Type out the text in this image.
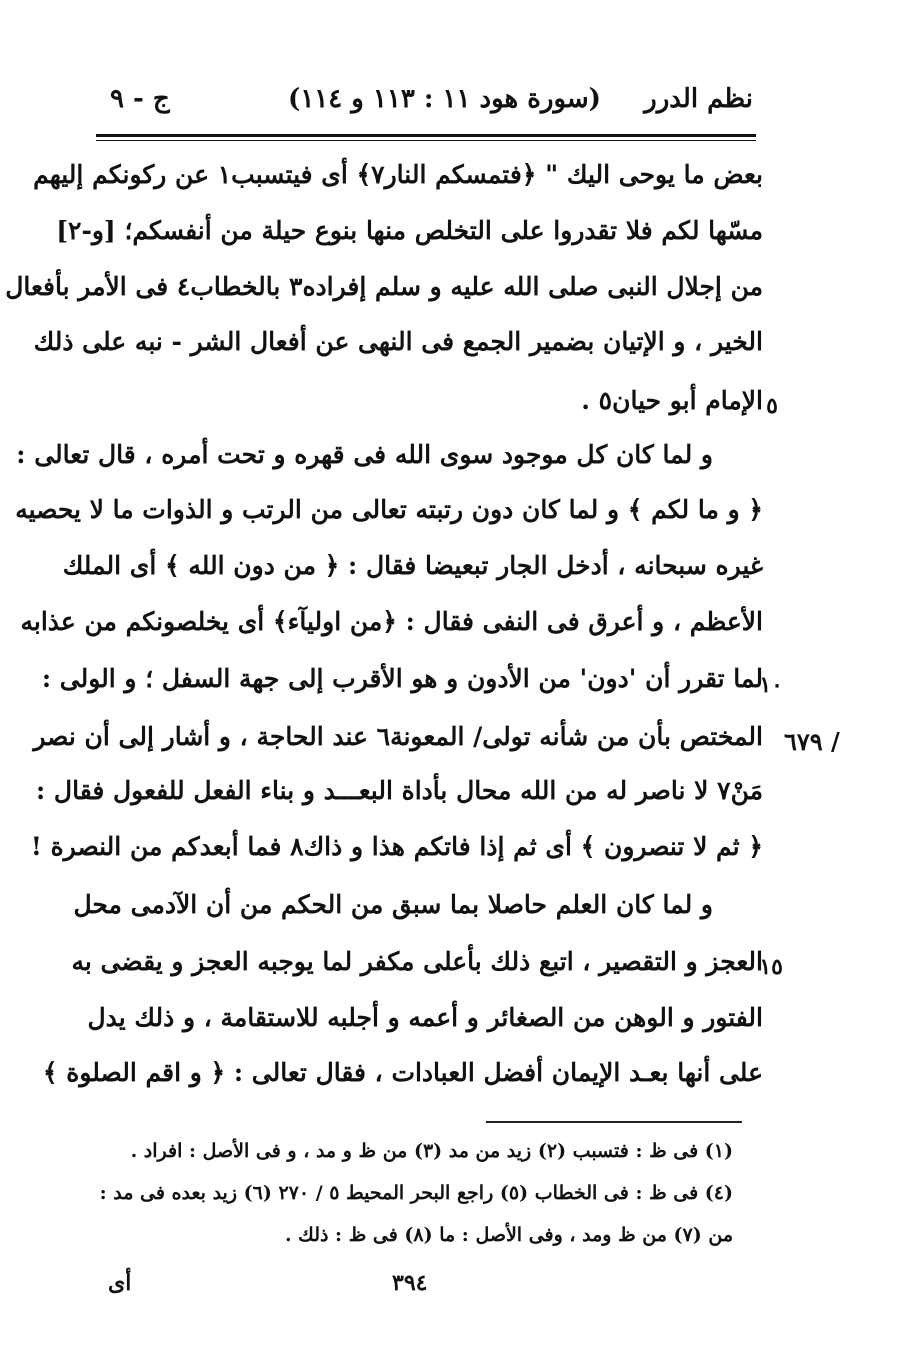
نظم الدرر
(سورة هود ١١ : ١١٣ و ١١٤)
ج - ٩
بعض ما يوحى اليك " ﴿فتمسكم النار٧﴾ أى فيتسبب١ عن ركونكم إليهم
مسّها لكم فلا تقدروا على التخلص منها بنوع حيلة من أنفسكم؛ [و-٢]
من إجلال النبى صلى الله عليه و سلم إفراده٣ بالخطاب٤ فى الأمر بأفعال
الخير ، و الإتيان بضمير الجمع فى النهى عن أفعال الشر - نبه على ذلك
الإمام أبو حيان٥ .
و لما كان كل موجود سوى الله فى قهره و تحت أمره ، قال تعالى :
﴿ و ما لكم ﴾ و لما كان دون رتبته تعالى من الرتب و الذوات ما لا يحصيه
غيره سبحانه ، أدخل الجار تبعيضا فقال : ﴿ من دون الله ﴾ أى الملك
الأعظم ، و أعرق فى النفى فقال : ﴿من اوليآء﴾ أى يخلصونكم من عذابه
لما تقرر أن 'دون' من الأدون و هو الأقرب إلى جهة السفل ؛ و الولى :
المختص بأن من شأنه تولى/ المعونة٦ عند الحاجة ، و أشار إلى أن نصر
مَنْ٧ لا ناصر له من الله محال بأداة البعـــد و بناء الفعل للفعول فقال :
﴿ ثم لا تنصرون ﴾ أى ثم إذا فاتكم هذا و ذاك٨ فما أبعدكم من النصرة !
و لما كان العلم حاصلا بما سبق من الحكم من أن الآدمى محل
العجز و التقصير ، اتبع ذلك بأعلى مكفر لما يوجبه العجز و يقضى به
الفتور و الوهن من الصغائر و أعمه و أجلبه للاستقامة ، و ذلك يدل
على أنها بعـد الإيمان أفضل العبادات ، فقال تعالى : ﴿ و اقم الصلوة ﴾
٥
١٠
١٥
٦٧٩ /
(١) فى ظ : فتسبب (٢) زيد من مد (٣) من ظ و مد ، و فى الأصل : افراد .
(٤) فى ظ : فى الخطاب (٥) راجع البحر المحيط ٥ / ٢٧٠ (٦) زيد بعده فى مد :
من (٧) من ظ ومد ، وفى الأصل : ما (٨) فى ظ : ذلك .
٣٩٤
أى
